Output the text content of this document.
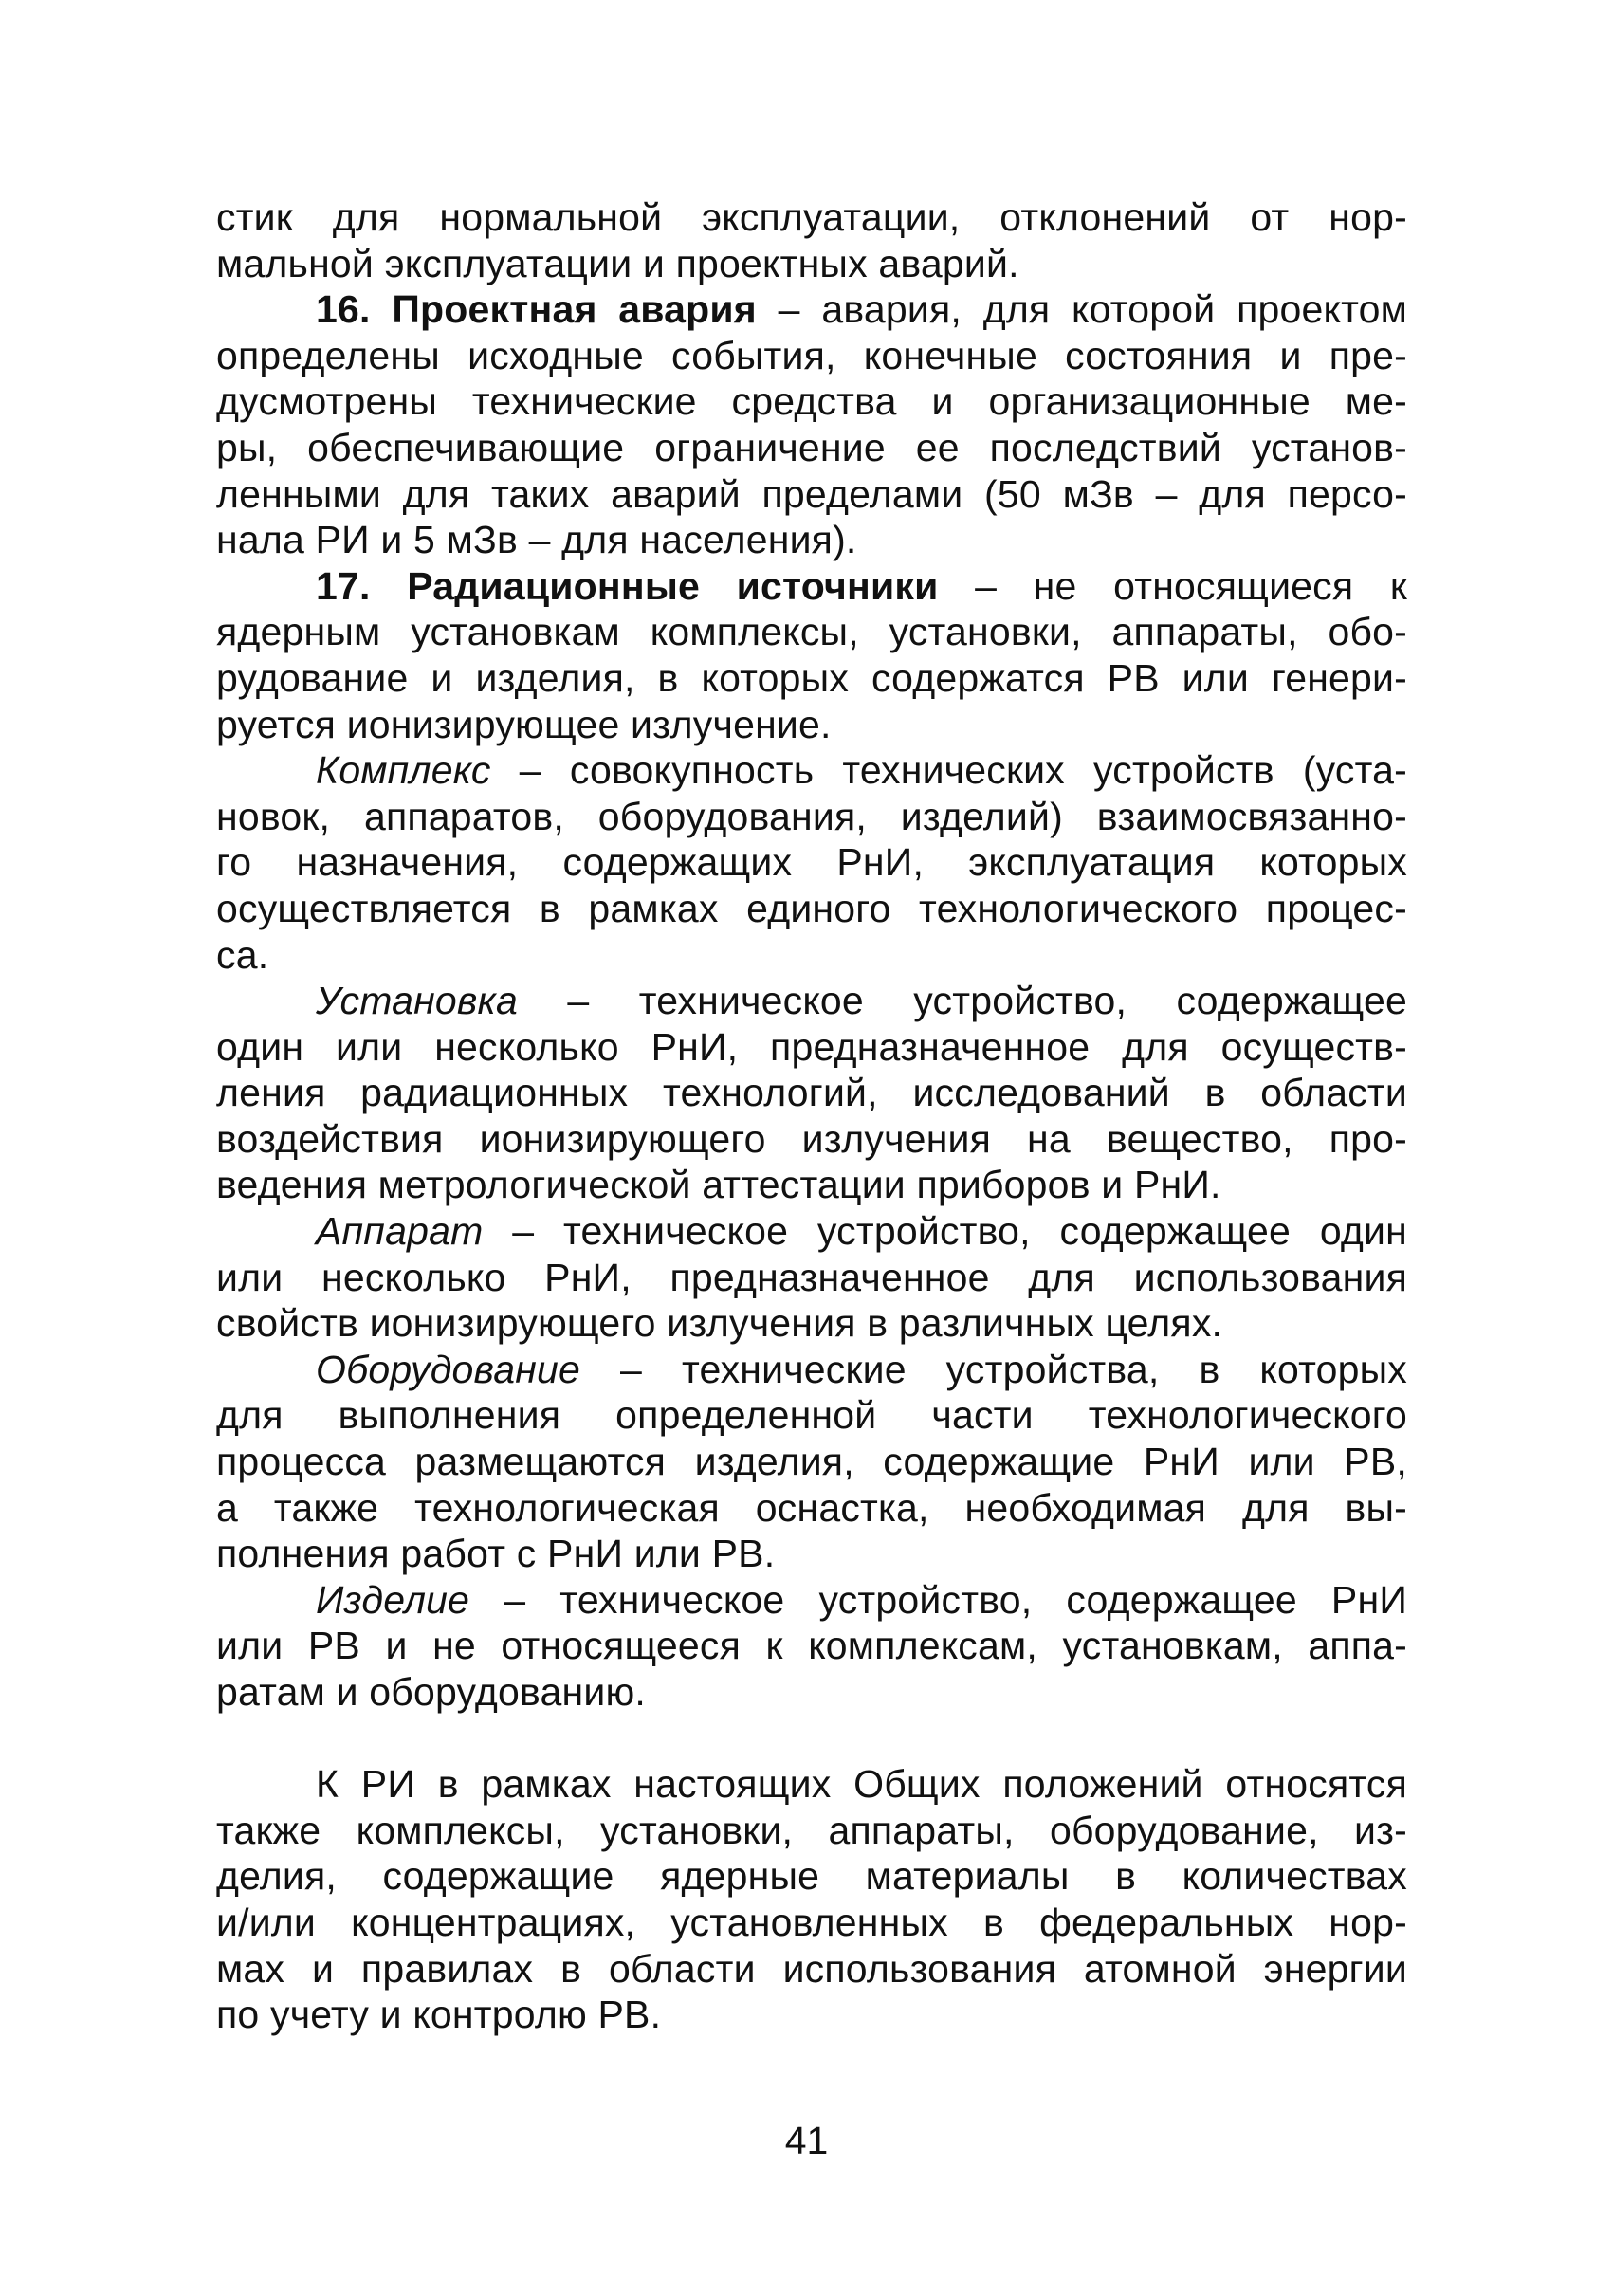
стик для нормальной эксплуатации, отклонений от нор-
мальной эксплуатации и проектных аварий.
16. Проектная авария – авария, для которой проектом
определены исходные события, конечные состояния и пре-
дусмотрены технические средства и организационные ме-
ры, обеспечивающие ограничение ее последствий установ-
ленными для таких аварий пределами (50 мЗв – для персо-
нала РИ и 5 мЗв – для населения).
17. Радиационные источники – не относящиеся к
ядерным установкам комплексы, установки, аппараты, обо-
рудование и изделия, в которых содержатся РВ или генери-
руется ионизирующее излучение.
Комплекс – совокупность технических устройств (уста-
новок, аппаратов, оборудования, изделий) взаимосвязанно-
го назначения, содержащих РнИ, эксплуатация которых
осуществляется в рамках единого технологического процес-
са.
Установка – техническое устройство, содержащее
один или несколько РнИ, предназначенное для осуществ-
ления радиационных технологий, исследований в области
воздействия ионизирующего излучения на вещество, про-
ведения метрологической аттестации приборов и РнИ.
Аппарат – техническое устройство, содержащее один
или несколько РнИ, предназначенное для использования
свойств ионизирующего излучения в различных целях.
Оборудование – технические устройства, в которых
для выполнения определенной части технологического
процесса размещаются изделия, содержащие РнИ или РВ,
а также технологическая оснастка, необходимая для вы-
полнения работ с РнИ или РВ.
Изделие – техническое устройство, содержащее РнИ
или РВ и не относящееся к комплексам, установкам, аппа-
ратам и оборудованию.
К РИ в рамках настоящих Общих положений относятся
также комплексы, установки, аппараты, оборудование, из-
делия, содержащие ядерные материалы в количествах
и/или концентрациях, установленных в федеральных нор-
мах и правилах в области использования атомной энергии
по учету и контролю РВ.
41
